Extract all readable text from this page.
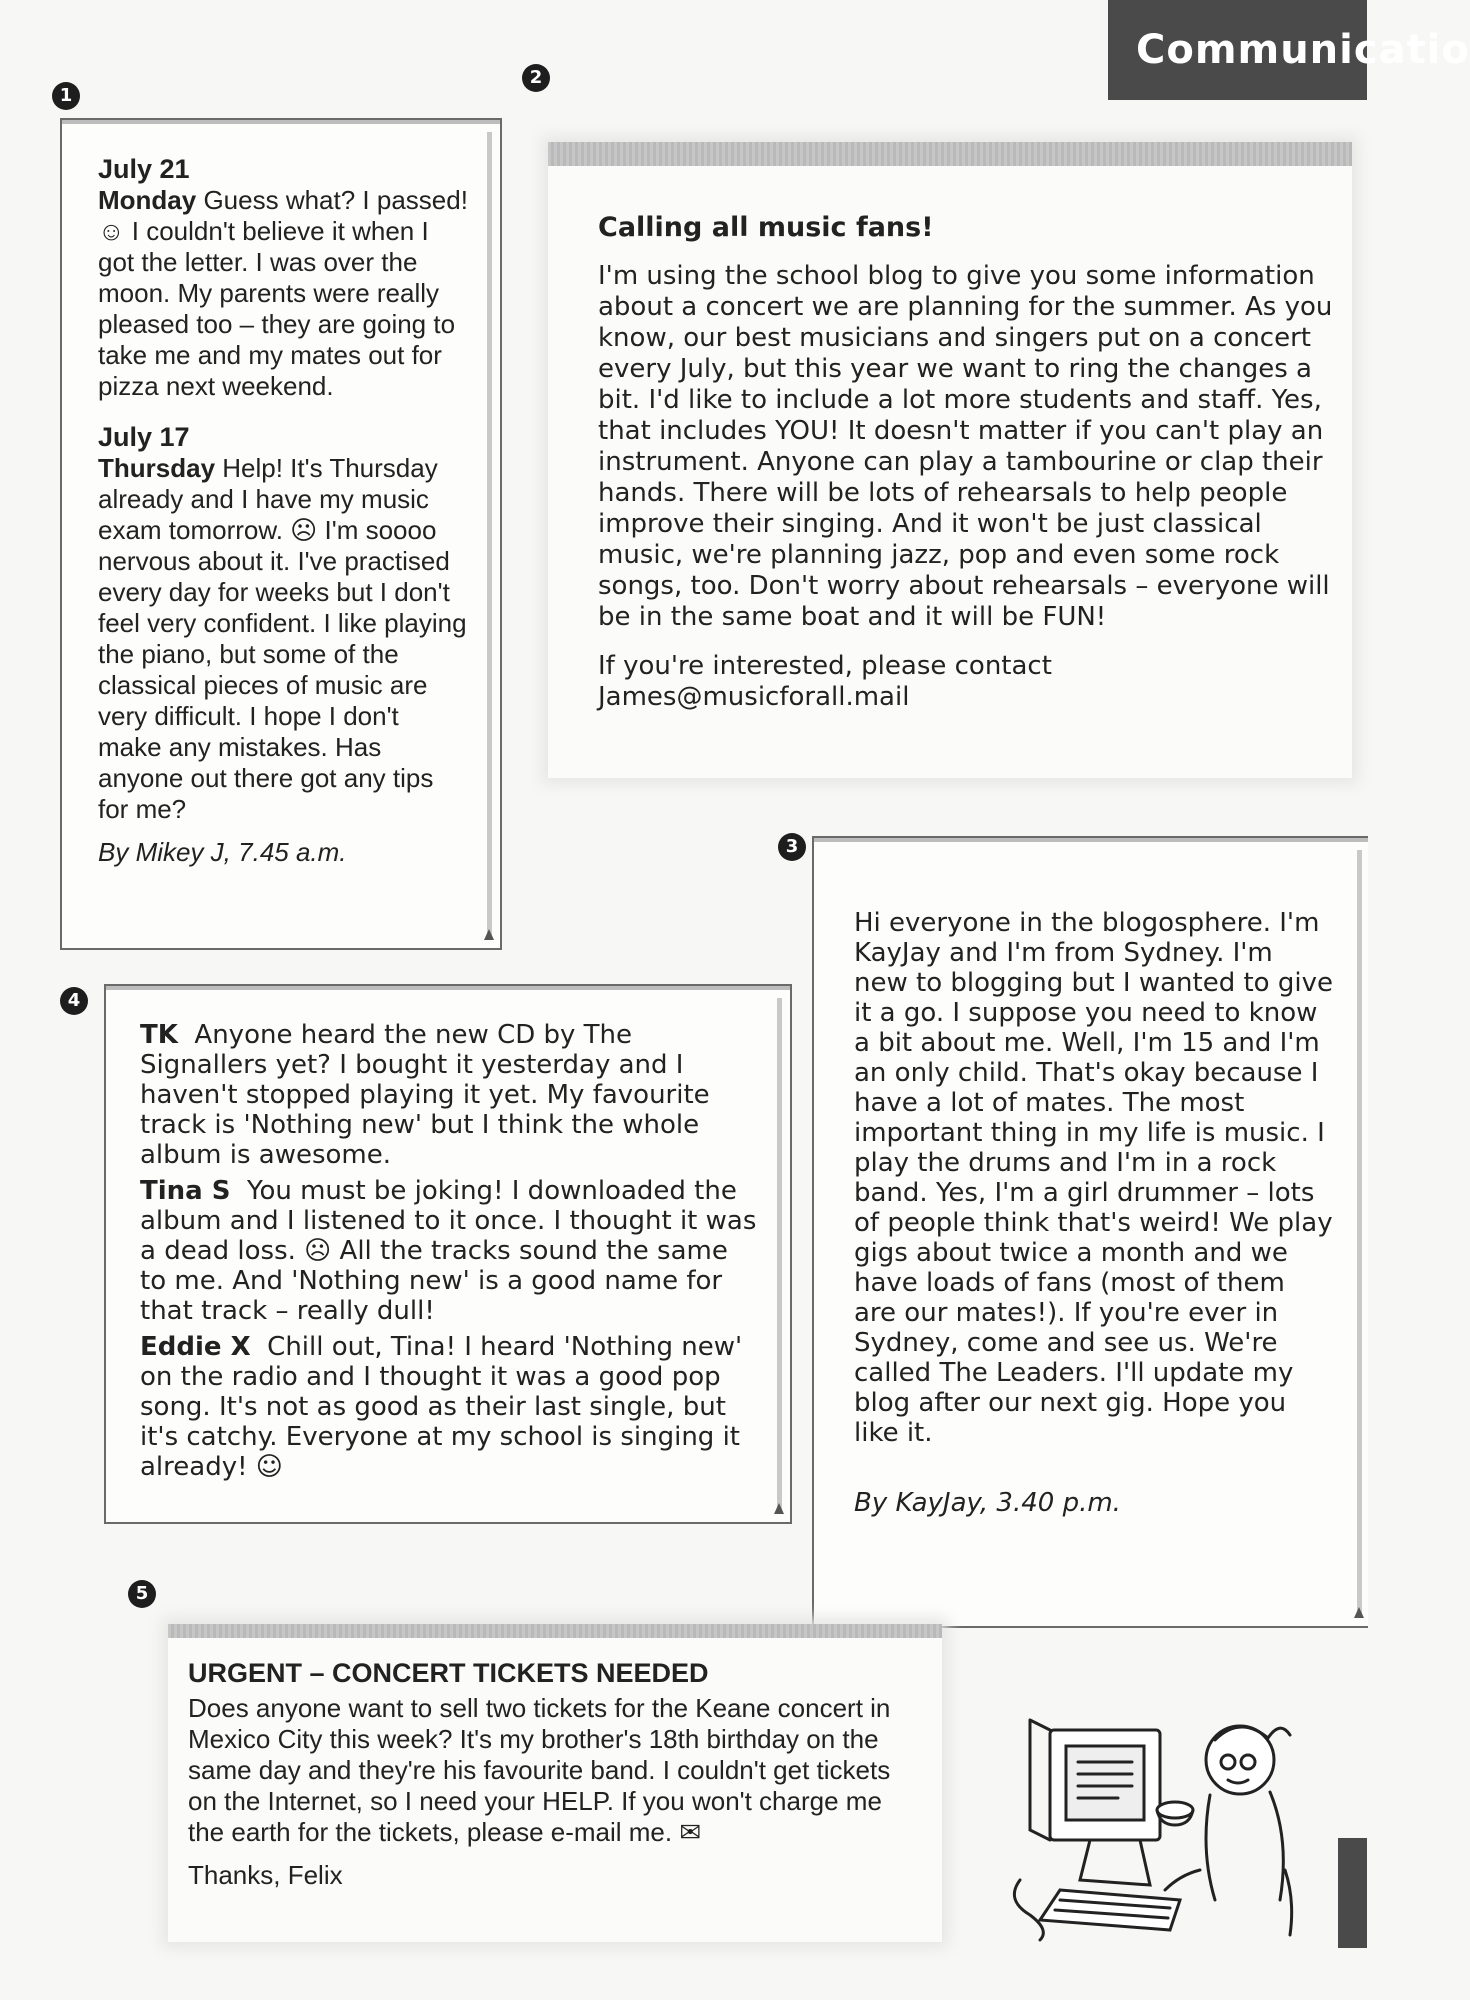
Communicatio
1
2
3
4
5

July 21

Monday Guess what? I passed! ☺ I couldn't believe it when I got the letter. I was over the moon. My parents were really pleased too – they are going to take me and my mates out for pizza next weekend.

July 17

Thursday Help! It's Thursday already and I have my music exam tomorrow. ☹ I'm soooo nervous about it. I've practised every day for weeks but I don't feel very confident. I like playing the piano, but some of the classical pieces of music are very difficult. I hope I don't make any mistakes. Has anyone out there got any tips for me?

By Mikey J, 7.45 a.m.

Calling all music fans!

I'm using the school blog to give you some information about a concert we are planning for the summer. As you know, our best musicians and singers put on a concert every July, but this year we want to ring the changes a bit. I'd like to include a lot more students and staff. Yes, that includes YOU! It doesn't matter if you can't play an instrument. Anyone can play a tambourine or clap their hands. There will be lots of rehearsals to help people improve their singing. And it won't be just classical music, we're planning jazz, pop and even some rock songs, too. Don't worry about rehearsals – everyone will be in the same boat and it will be FUN!

If you're interested, please contact James@musicforall.mail

Hi everyone in the blogosphere. I'm KayJay and I'm from Sydney. I'm new to blogging but I wanted to give it a go. I suppose you need to know a bit about me. Well, I'm 15 and I'm an only child. That's okay because I have a lot of mates. The most important thing in my life is music. I play the drums and I'm in a rock band. Yes, I'm a girl drummer – lots of people think that's weird! We play gigs about twice a month and we have loads of fans (most of them are our mates!). If you're ever in Sydney, come and see us. We're called The Leaders. I'll update my blog after our next gig. Hope you like it.

By KayJay, 3.40 p.m.

TK Anyone heard the new CD by The Signallers yet? I bought it yesterday and I haven't stopped playing it yet. My favourite track is 'Nothing new' but I think the whole album is awesome.

Tina S You must be joking! I downloaded the album and I listened to it once. I thought it was a dead loss. ☹ All the tracks sound the same to me. And 'Nothing new' is a good name for that track – really dull!

Eddie X Chill out, Tina! I heard 'Nothing new' on the radio and I thought it was a good pop song. It's not as good as their last single, but it's catchy. Everyone at my school is singing it already! ☺

URGENT – CONCERT TICKETS NEEDED

Does anyone want to sell two tickets for the Keane concert in Mexico City this week? It's my brother's 18th birthday on the same day and they're his favourite band. I couldn't get tickets on the Internet, so I need your HELP. If you won't charge me the earth for the tickets, please e-mail me. ✉

Thanks, Felix
